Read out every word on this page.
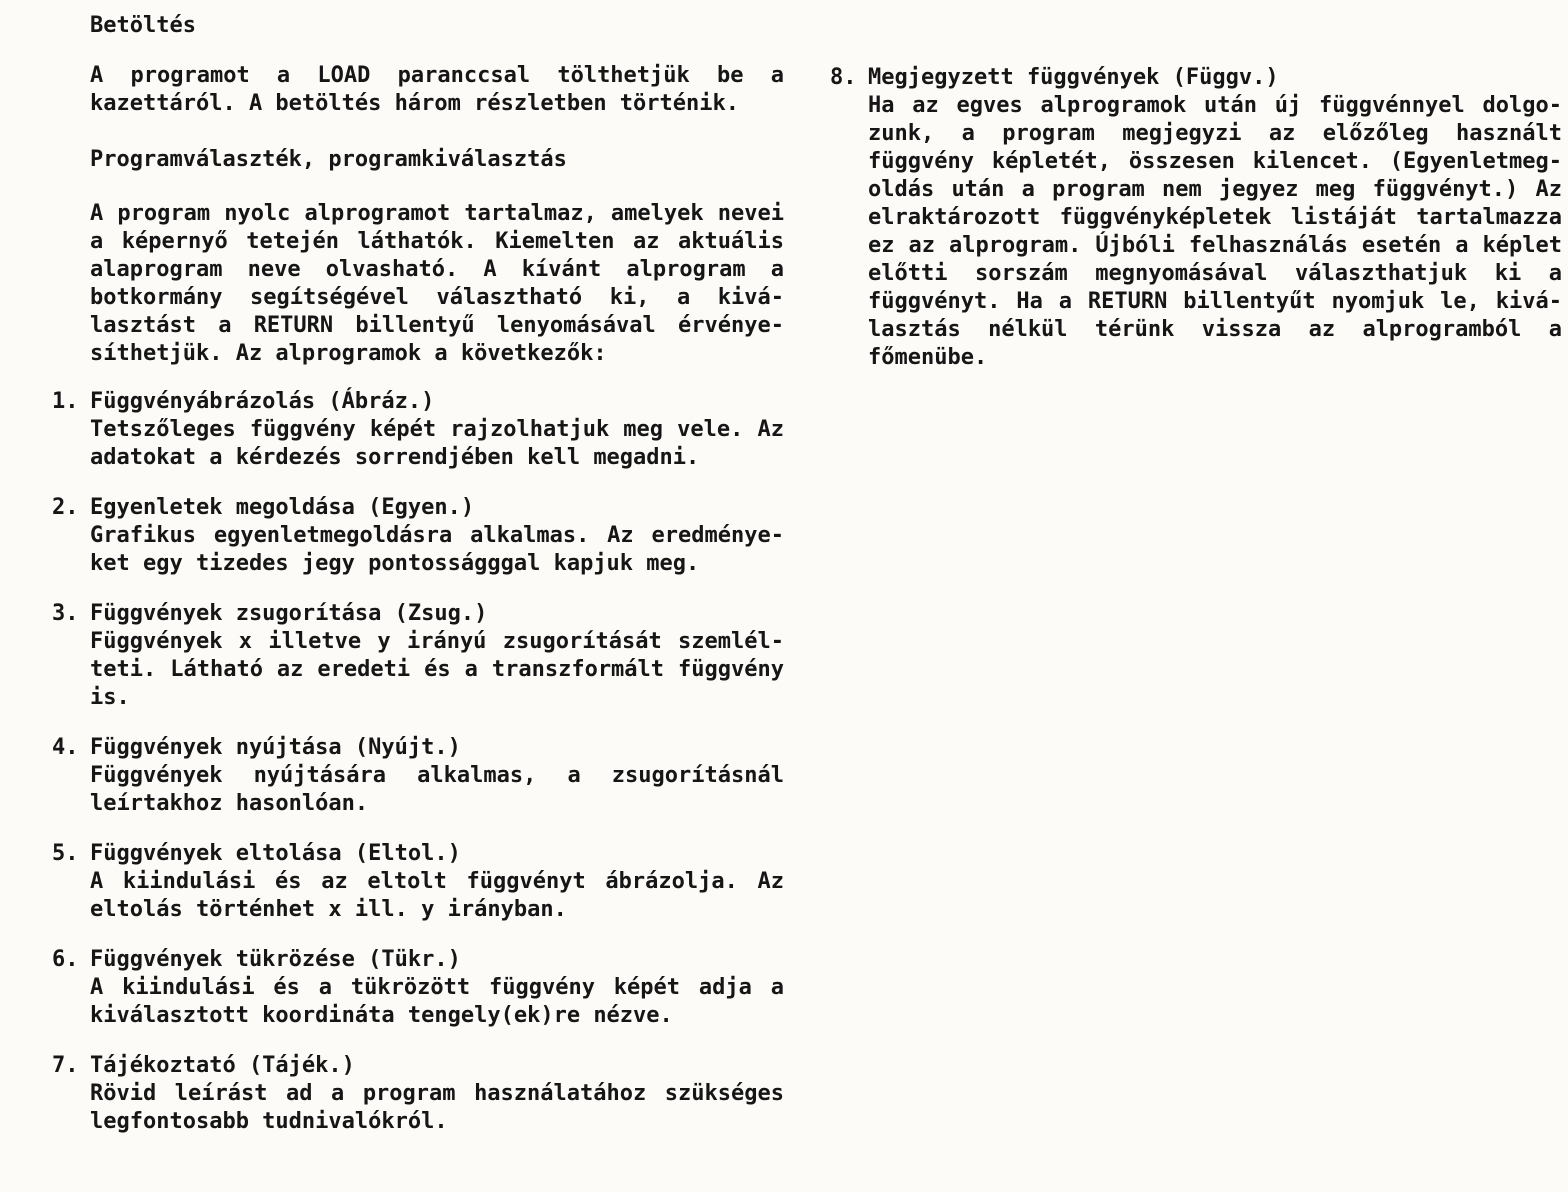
Betöltés
A programot a LOAD paranccsal tölthetjük be a
kazettáról. A betöltés három részletben történik.
Programválaszték, programkiválasztás
A program nyolc alprogramot tartalmaz, amelyek nevei
a képernyő tetején láthatók. Kiemelten az aktuális
alaprogram neve olvasható. A kívánt alprogram a
botkormány segítségével választható ki, a kivá-
lasztást a RETURN billentyű lenyomásával érvénye-
síthetjük. Az alprogramok a következők:
1. Függvényábrázolás (Ábráz.)
Tetszőleges függvény képét rajzolhatjuk meg vele. Az
adatokat a kérdezés sorrendjében kell megadni.
2. Egyenletek megoldása (Egyen.)
Grafikus egyenletmegoldásra alkalmas. Az eredménye-
ket egy tizedes jegy pontosságggal kapjuk meg.
3. Függvények zsugorítása (Zsug.)
Függvények x illetve y irányú zsugorítását szemlél-
teti. Látható az eredeti és a transzformált függvény
is.
4. Függvények nyújtása (Nyújt.)
Függvények nyújtására alkalmas, a zsugorításnál
leírtakhoz hasonlóan.
5. Függvények eltolása (Eltol.)
A kiindulási és az eltolt függvényt ábrázolja. Az
eltolás történhet x ill. y irányban.
6. Függvények tükrözése (Tükr.)
A kiindulási és a tükrözött függvény képét adja a
kiválasztott koordináta tengely(ek)re nézve.
7. Tájékoztató (Tájék.)
Rövid leírást ad a program használatához szükséges
legfontosabb tudnivalókról.
8. Megjegyzett függvények (Függv.)
Ha az egves alprogramok után új függvénnyel dolgo-
zunk, a program megjegyzi az előzőleg használt
függvény képletét, összesen kilencet. (Egyenletmeg-
oldás után a program nem jegyez meg függvényt.) Az
elraktározott függvényképletek listáját tartalmazza
ez az alprogram. Újbóli felhasználás esetén a képlet
előtti sorszám megnyomásával választhatjuk ki a
függvényt. Ha a RETURN billentyűt nyomjuk le, kivá-
lasztás nélkül térünk vissza az alprogramból a
főmenübe.
